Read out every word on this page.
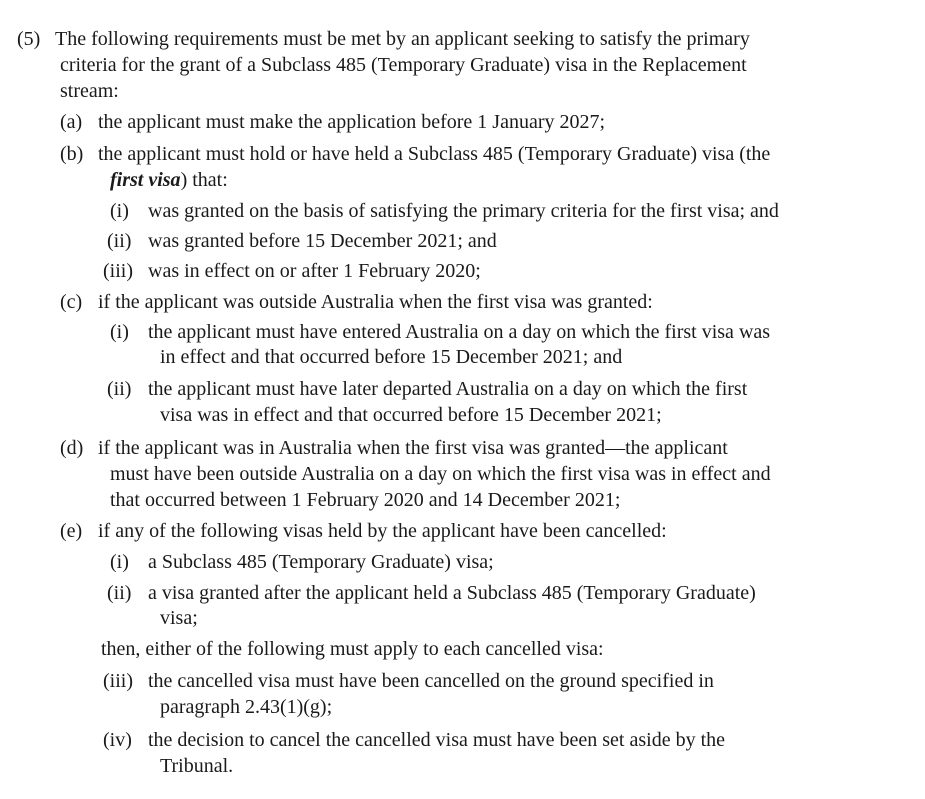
(5) The following requirements must be met by an applicant seeking to satisfy the primary
criteria for the grant of a Subclass 485 (Temporary Graduate) visa in the Replacement
stream:
(a) the applicant must make the application before 1 January 2027;
(b) the applicant must hold or have held a Subclass 485 (Temporary Graduate) visa (the
first visa) that:
(i) was granted on the basis of satisfying the primary criteria for the first visa; and
(ii) was granted before 15 December 2021; and
(iii) was in effect on or after 1 February 2020;
(c) if the applicant was outside Australia when the first visa was granted:
(i) the applicant must have entered Australia on a day on which the first visa was
in effect and that occurred before 15 December 2021; and
(ii) the applicant must have later departed Australia on a day on which the first
visa was in effect and that occurred before 15 December 2021;
(d) if the applicant was in Australia when the first visa was granted—the applicant
must have been outside Australia on a day on which the first visa was in effect and
that occurred between 1 February 2020 and 14 December 2021;
(e) if any of the following visas held by the applicant have been cancelled:
(i) a Subclass 485 (Temporary Graduate) visa;
(ii) a visa granted after the applicant held a Subclass 485 (Temporary Graduate)
visa;
then, either of the following must apply to each cancelled visa:
(iii) the cancelled visa must have been cancelled on the ground specified in
paragraph 2.43(1)(g);
(iv) the decision to cancel the cancelled visa must have been set aside by the
Tribunal.
